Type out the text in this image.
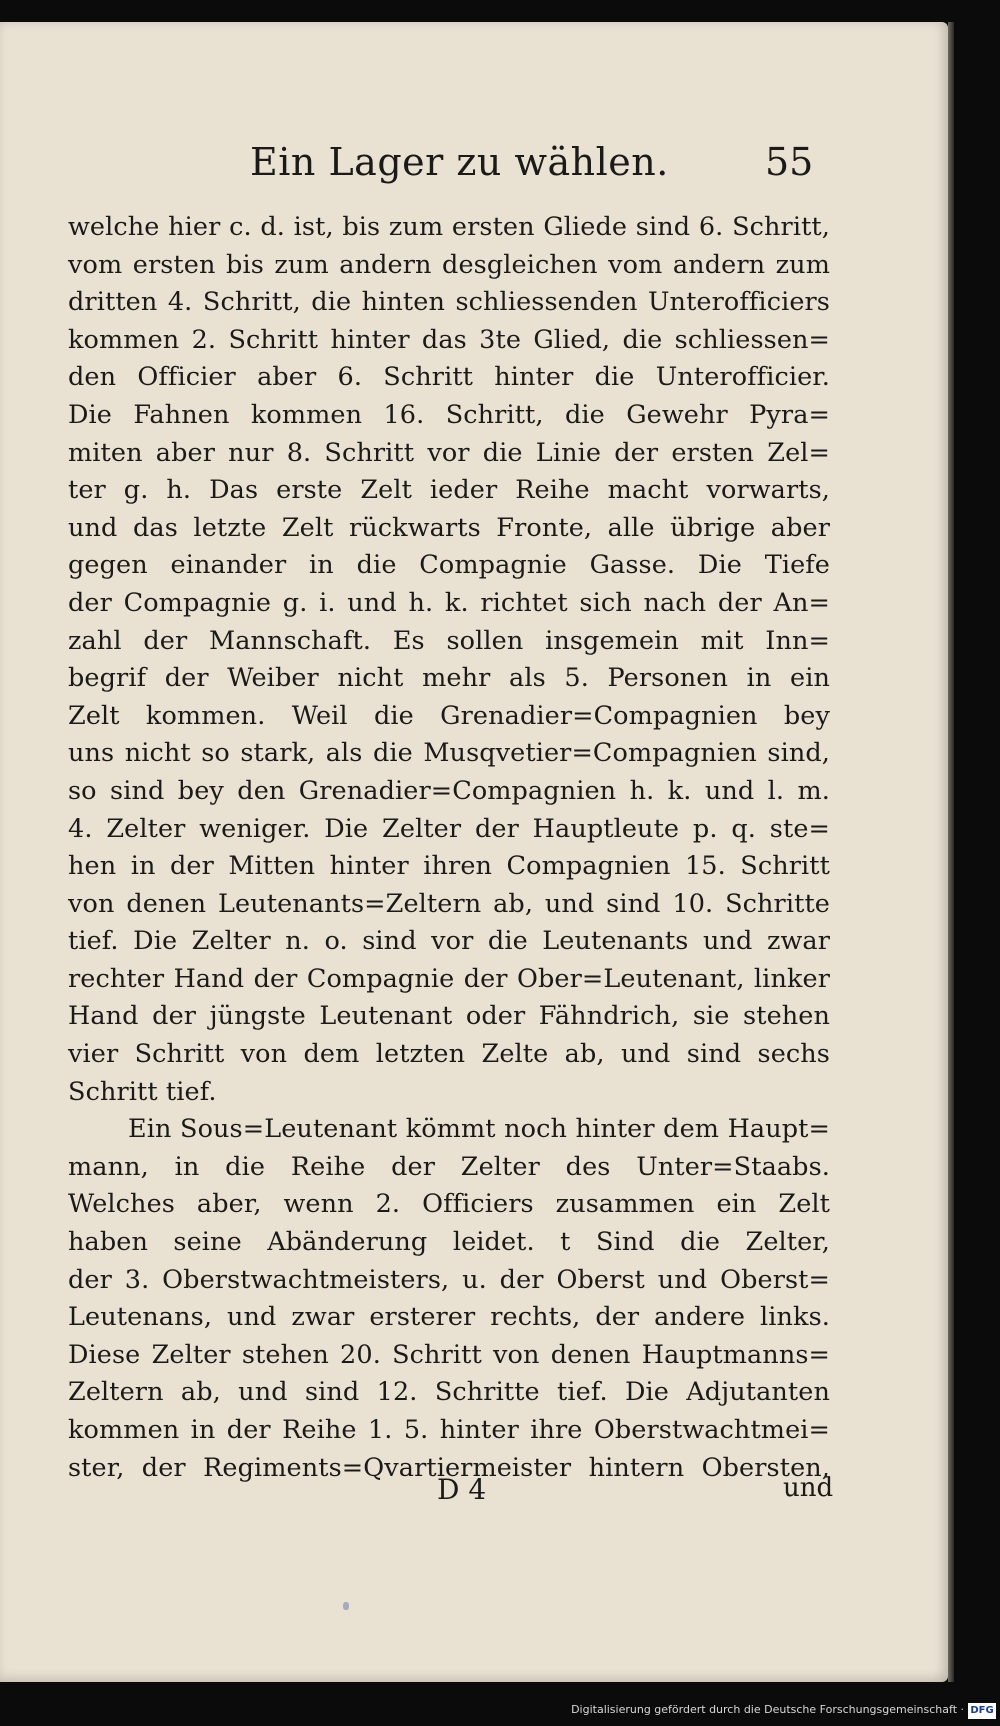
Ein Lager zu wählen.	55
welche hier c. d. ist, bis zum ersten Gliede sind 6. Schritt,
vom ersten bis zum andern desgleichen vom andern zum
dritten 4. Schritt, die hinten schliessenden Unterofficiers
kommen 2. Schritt hinter das 3te Glied, die schliessen=
den Officier aber 6. Schritt hinter die Unterofficier.
Die Fahnen kommen 16. Schritt, die Gewehr Pyra=
miten aber nur 8. Schritt vor die Linie der ersten Zel=
ter g. h. Das erste Zelt ieder Reihe macht vorwarts,
und das letzte Zelt rückwarts Fronte, alle übrige aber
gegen einander in die Compagnie Gasse. Die Tiefe
der Compagnie g. i. und h. k. richtet sich nach der An=
zahl der Mannschaft. Es sollen insgemein mit Inn=
begrif der Weiber nicht mehr als 5. Personen in ein
Zelt kommen. Weil die Grenadier=Compagnien bey
uns nicht so stark, als die Musqvetier=Compagnien sind,
so sind bey den Grenadier=Compagnien h. k. und l. m.
4. Zelter weniger. Die Zelter der Hauptleute p. q. ste=
hen in der Mitten hinter ihren Compagnien 15. Schritt
von denen Leutenants=Zeltern ab, und sind 10. Schritte
tief. Die Zelter n. o. sind vor die Leutenants und zwar
rechter Hand der Compagnie der Ober=Leutenant, linker
Hand der jüngste Leutenant oder Fähndrich, sie stehen
vier Schritt von dem letzten Zelte ab, und sind sechs
Schritt tief.
Ein Sous=Leutenant kömmt noch hinter dem Haupt=
mann, in die Reihe der Zelter des Unter=Staabs.
Welches aber, wenn 2. Officiers zusammen ein Zelt
haben seine Abänderung leidet. t Sind die Zelter,
der 3. Oberstwachtmeisters, u. der Oberst und Oberst=
Leutenans, und zwar ersterer rechts, der andere links.
Diese Zelter stehen 20. Schritt von denen Hauptmanns=
Zeltern ab, und sind 12. Schritte tief. Die Adjutanten
kommen in der Reihe 1. 5. hinter ihre Oberstwachtmei=
ster, der Regiments=Qvartiermeister hintern Obersten,
D 4	und
Digitalisierung gefördert durch die Deutsche Forschungsgemeinschaft · DFG
